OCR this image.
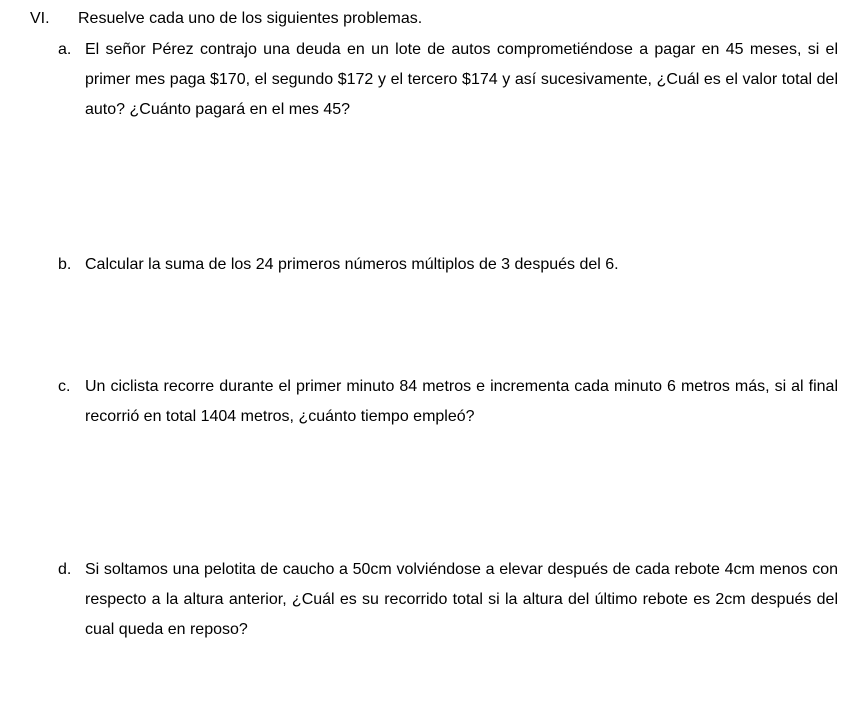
VI. Resuelve cada uno de los siguientes problemas.
a. El señor Pérez contrajo una deuda en un lote de autos comprometiéndose a pagar en 45 meses, si el primer mes paga $170, el segundo $172 y el tercero $174 y así sucesivamente, ¿Cuál es el valor total del auto? ¿Cuánto pagará en el mes 45?
b. Calcular la suma de los 24 primeros números múltiplos de 3 después del 6.
c. Un ciclista recorre durante el primer minuto 84 metros e incrementa cada minuto 6 metros más, si al final recorrió en total 1404 metros, ¿cuánto tiempo empleó?
d. Si soltamos una pelotita de caucho a 50cm volviéndose a elevar después de cada rebote 4cm menos con respecto a la altura anterior, ¿Cuál es su recorrido total si la altura del último rebote es 2cm después del cual queda en reposo?
